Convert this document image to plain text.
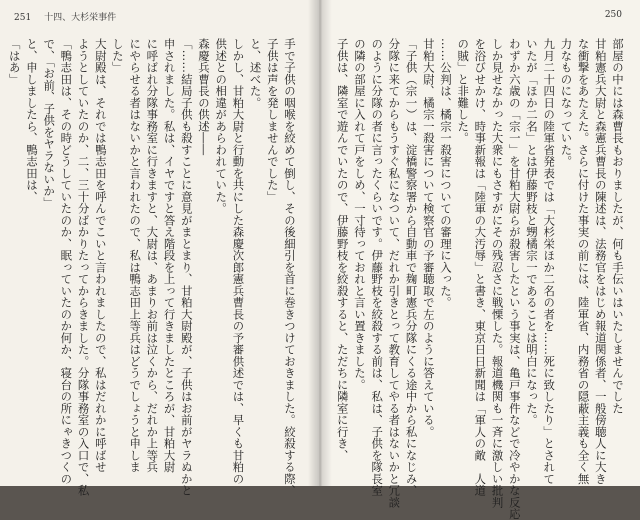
251 十四、大杉栄事件
手で子供の咽喉を絞めて倒し、その後細引を首に巻きつけておきました。絞殺する際、
子供は声を発しませんでした」
と、述べた。
しかし、甘粕大尉と行動を共にした森慶次郎憲兵曹長の予審供述では、早くも甘粕の
供述との相違があらわれていた。
森慶兵曹長の供述――
「……結局子供も殺すことに意見がまとまり、甘粕大尉殿が、子供はお前がヤラぬかと
申されました。私は、イヤですと答え階段を上って行きましたところが、甘粕大尉
に呼ばれ分隊事務室に行きますと、大尉は、あまりお前は泣くから、だれか上等兵
にやらせる者はないかと言われたので、私は鴨志田上等兵はどうでしょうと申しま
した」
大尉殿は、それでは鴨志田を呼んでこいと言われましたので、私はだれかに呼ばせ
ようとしていたのか、二、三十分ばかりたってからきました。分隊事務室の入口で、私
「鴨志田は、その時どうしていたのか、眠っていたのか何か、寝台の所にゃきつくの
で、「お前、子供をヤラないか」
と、申しましたら、鴨志田は、
「はあ」
250
部屋の中には森曹長もおりましたが、何も手伝いはいたしませんでした
甘粕憲兵大尉と森憲兵曹長の陳述は、法務官をはじめ報道関係者、一般傍聴人に大き
な衝撃をあたえた。さらに付けた事実の前には、陸軍省、内務省の隠蔽主義も全く無
力なものになっていた。
九月二十四日の陸軍省発表では「大杉栄ほか二名の者を……死に致したり」とされて
いたが「ほか二名」とは伊藤野枝と甥橘宗一であることは明白になった。
わずか六歳の「宗一」を甘粕大尉らが殺害したという事実は、亀戸事件などで冷やかな反応
しか見せなかった大衆にもさすがにその残忍さに戦慄した。報道機関も一斉に激しい批判
を浴びせかけ、時事新報は「陸軍の大汚辱」と書き、東京日日新聞は「軍人の敵　人道
の賊」と非難した。
……公判は、橘宗一殺害についての審理に入った。
甘粕大尉、橘宗一殺害について検察官の予審聴取で左のように答えている。
「子供（宗一）は、淀橋警察署から自動車で麹町憲兵分隊にくる途中から私になじみ、
分隊に来てからもうすぐ私になついて、だれか引きとって教育してやる者はないかと冗談
のように分隊の者に言ったくらいです。伊藤野枝を絞殺する前は、私は、子供を隊長室
の隣の部屋に入れて戸をしめ、一寸待っておれと言い置きました。
子供は、隣室で遊んでいたので、伊藤野枝を絞殺すると、ただちに隣室に行き、
